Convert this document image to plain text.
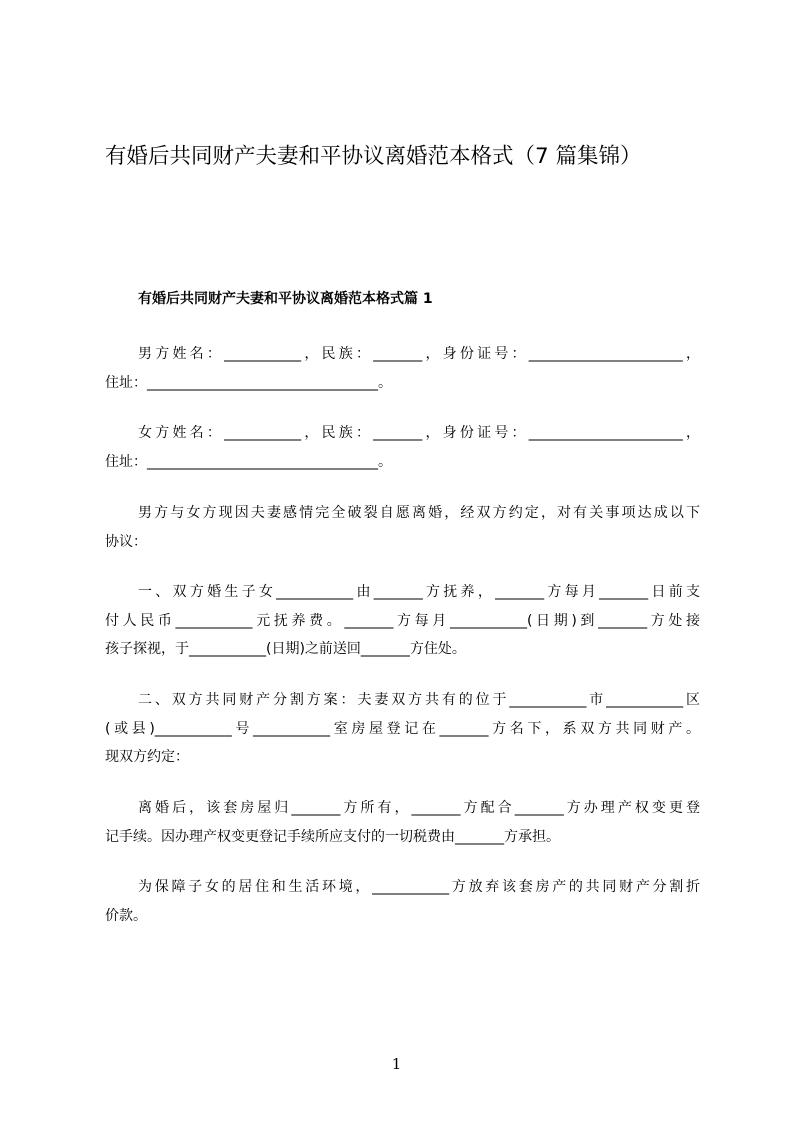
有婚后共同财产夫妻和平协议离婚范本格式（7 篇集锦）
有婚后共同财产夫妻和平协议离婚范本格式篇 1
男方姓名：___________，民族：_______，身份证号：______________________，
住址：_________________________________。
女方姓名：___________，民族：_______，身份证号：______________________，
住址：_________________________________。
男方与女方现因夫妻感情完全破裂自愿离婚，经双方约定，对有关事项达成以下
协议：
一、双方婚生子女___________由_______方抚养，_______方每月_______日前支
付人民币___________元抚养费。_______方每月___________(日期)到_______方处接
孩子探视，于___________(日期)之前送回_______方住处。
二、双方共同财产分割方案：夫妻双方共有的位于___________市___________区
(或县)___________号___________室房屋登记在_______方名下，系双方共同财产。
现双方约定：
离婚后，该套房屋归_______方所有，_______方配合_______方办理产权变更登
记手续。因办理产权变更登记手续所应支付的一切税费由_______方承担。
为保障子女的居住和生活环境，___________方放弃该套房产的共同财产分割折
价款。
1
